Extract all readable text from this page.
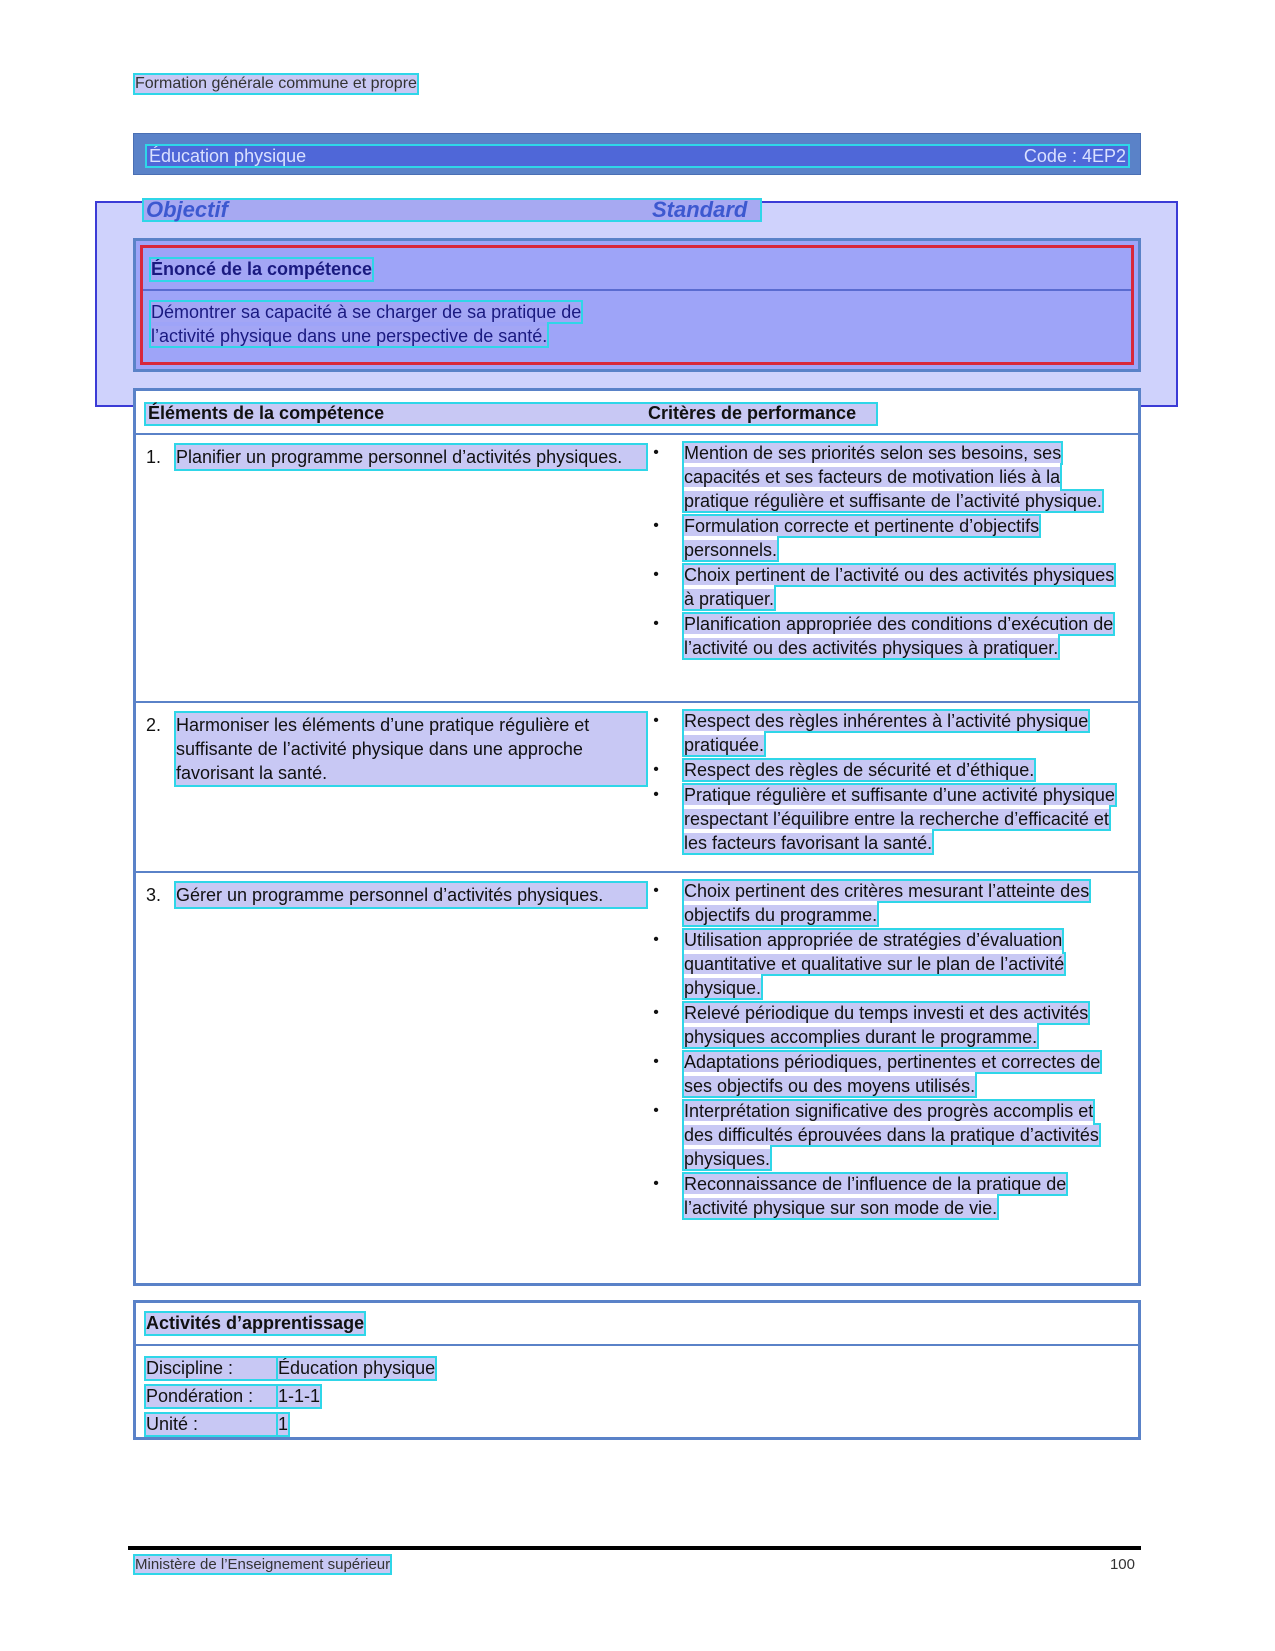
Formation générale commune et propre
Éducation physique	Code : 4EP2
Objectif	Standard
Énoncé de la compétence
Démontrer sa capacité à se charger de sa pratique de l’activité physique dans une perspective de santé.
Éléments de la compétence	Critères de performance
1. Planifier un programme personnel d’activités physiques.	• Mention de ses priorités selon ses besoins, ses capacités et ses facteurs de motivation liés à la pratique régulière et suffisante de l’activité physique.
• Formulation correcte et pertinente d’objectifs personnels.
• Choix pertinent de l’activité ou des activités physiques à pratiquer.
• Planification appropriée des conditions d’exécution de l’activité ou des activités physiques à pratiquer.
2. Harmoniser les éléments d’une pratique régulière et suffisante de l’activité physique dans une approche favorisant la santé.
• Respect des règles inhérentes à l’activité physique pratiquée.
• Respect des règles de sécurité et d’éthique.
• Pratique régulière et suffisante d’une activité physique respectant l’équilibre entre la recherche d’efficacité et les facteurs favorisant la santé.
3. Gérer un programme personnel d’activités physiques.	• Choix pertinent des critères mesurant l’atteinte des objectifs du programme.
• Utilisation appropriée de stratégies d’évaluation quantitative et qualitative sur le plan de l’activité physique.
• Relevé périodique du temps investi et des activités physiques accomplies durant le programme.
• Adaptations périodiques, pertinentes et correctes de ses objectifs ou des moyens utilisés.
• Interprétation significative des progrès accomplis et des difficultés éprouvées dans la pratique d’activités physiques.
• Reconnaissance de l’influence de la pratique de l’activité physique sur son mode de vie.
Activités d’apprentissage
Discipline :	Éducation physique
Pondération :	1-1-1
Unité :	1
Ministère de l’Enseignement supérieur	100
